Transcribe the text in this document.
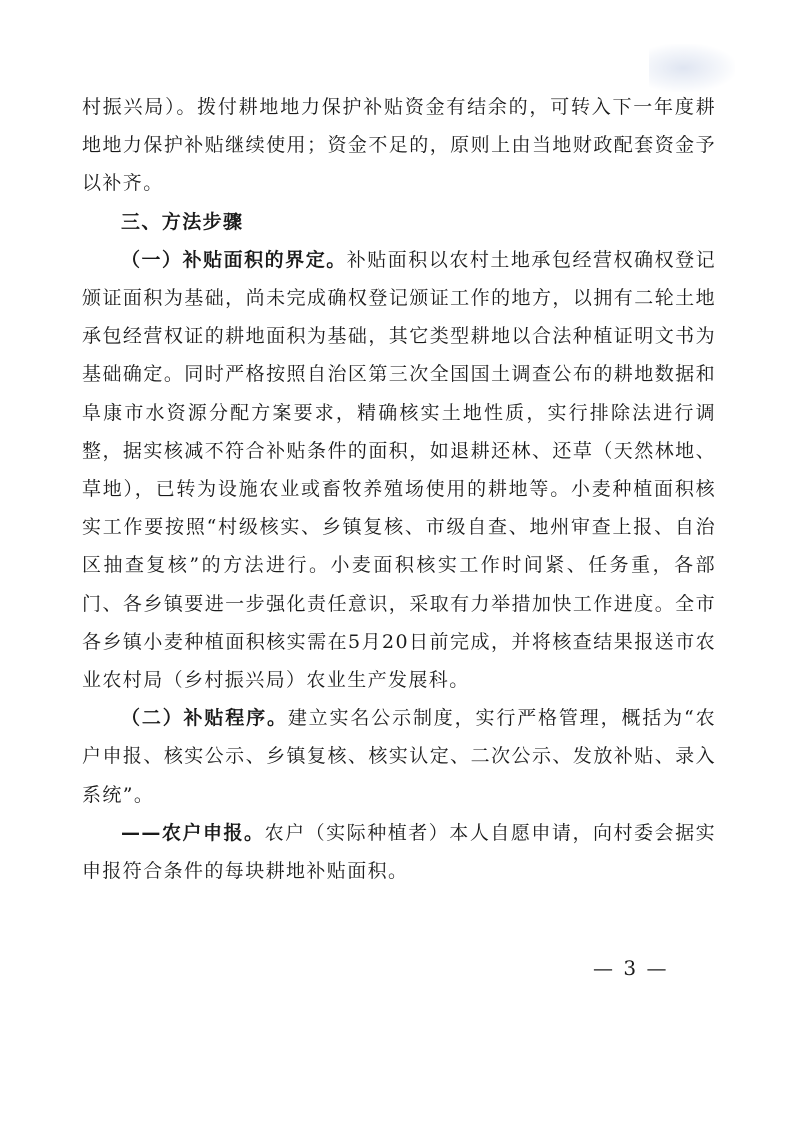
村振兴局）。拨付耕地地力保护补贴资金有结余的，可转入下一年度耕地地力保护补贴继续使用；资金不足的，原则上由当地财政配套资金予以补齐。

三、方法步骤

（一）补贴面积的界定。补贴面积以农村土地承包经营权确权登记颁证面积为基础，尚未完成确权登记颁证工作的地方，以拥有二轮土地承包经营权证的耕地面积为基础，其它类型耕地以合法种植证明文书为基础确定。同时严格按照自治区第三次全国国土调查公布的耕地数据和阜康市水资源分配方案要求，精确核实土地性质，实行排除法进行调整，据实核减不符合补贴条件的面积，如退耕还林、还草（天然林地、草地），已转为设施农业或畜牧养殖场使用的耕地等。小麦种植面积核实工作要按照“村级核实、乡镇复核、市级自查、地州审查上报、自治区抽查复核”的方法进行。小麦面积核实工作时间紧、任务重，各部门、各乡镇要进一步强化责任意识，采取有力举措加快工作进度。全市各乡镇小麦种植面积核实需在5月20日前完成，并将核查结果报送市农业农村局（乡村振兴局）农业生产发展科。

（二）补贴程序。建立实名公示制度，实行严格管理，概括为“农户申报、核实公示、乡镇复核、核实认定、二次公示、发放补贴、录入系统”。

——农户申报。农户（实际种植者）本人自愿申请，向村委会据实申报符合条件的每块耕地补贴面积。

— 3 —
